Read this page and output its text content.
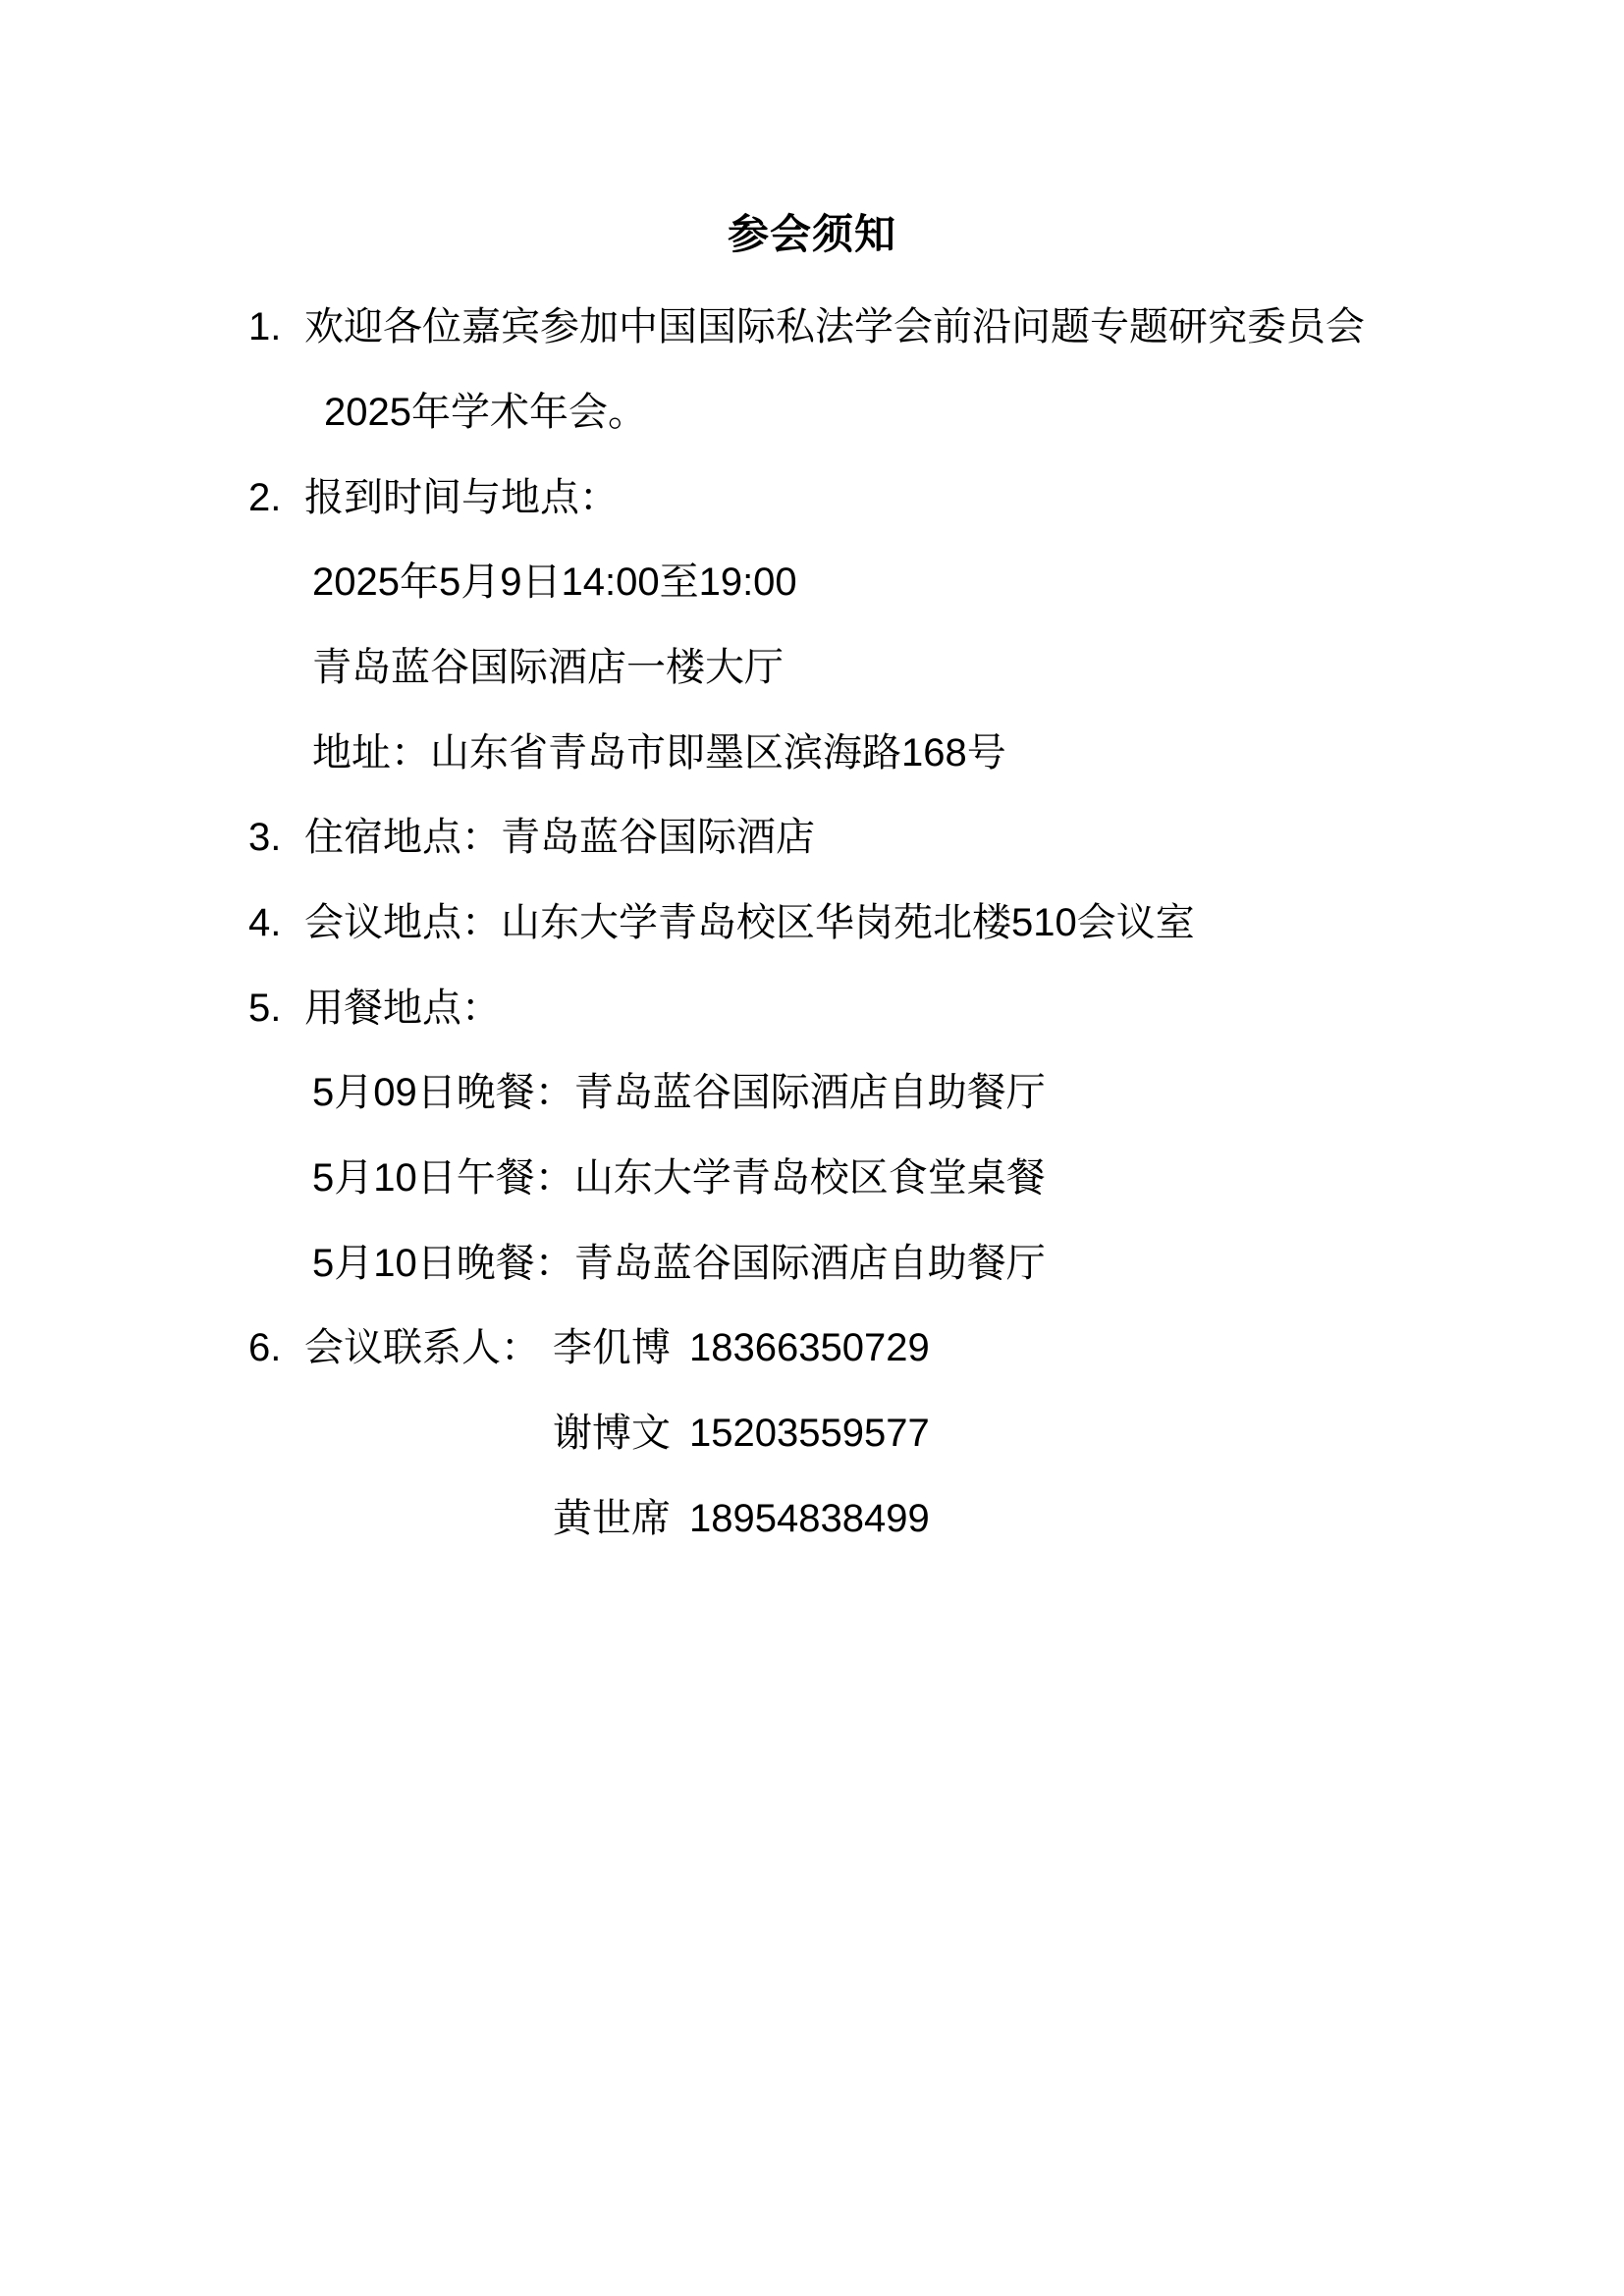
参会须知
1. 欢迎各位嘉宾参加中国国际私法学会前沿问题专题研究委员会
2025年学术年会。
2. 报到时间与地点：
2025年5月9日14:00至19:00
青岛蓝谷国际酒店一楼大厅
地址：山东省青岛市即墨区滨海路168号
3. 住宿地点：青岛蓝谷国际酒店
4. 会议地点：山东大学青岛校区华岗苑北楼510会议室
5. 用餐地点：
5月09日晚餐：青岛蓝谷国际酒店自助餐厅
5月10日午餐：山东大学青岛校区食堂桌餐
5月10日晚餐：青岛蓝谷国际酒店自助餐厅
6. 会议联系人： 李仉博 18366350729
谢博文 15203559577
黄世席 18954838499
